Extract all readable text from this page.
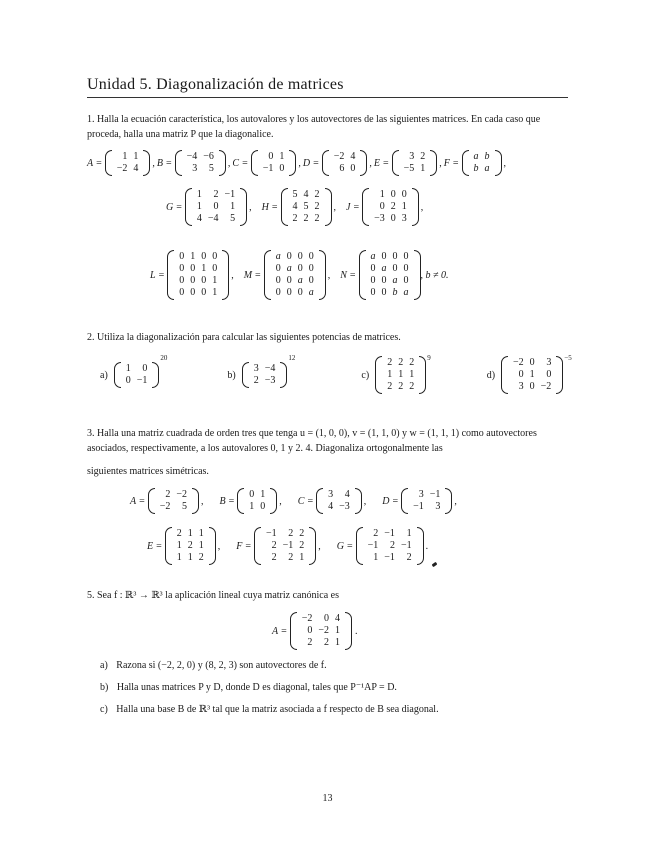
Unidad 5. Diagonalización de matrices
1. Halla la ecuación característica, los autovalores y los autovectores de las siguientes matrices. En cada caso que proceda, halla una matriz P que la diagonalice.
A =
1 1
−2 4	, B =
−4 −6
3	5	, C =
0 1
−1 0	, D =
−2 4
6 0	, E =
3 2
−5 1	, F =
a b
b a	,
G =
1	2 −1
1	0	1
4 −4	5
, H =
5 4 2
4 5 2
2 2 2
, J =
1 0 0
0 2 1
−3 0 3
,
L =
0 1 0 0
0 0 1 0
0 0 0 1
0 0 0 1
, M =
a 0 0 0
0 a 0 0
0 0 a 0
0 0 0 a
, N =
a 0 0 0
0 a 0 0
0 0 a 0
0 0 b a
, b ≠ 0.
2. Utiliza la diagonalización para calcular las siguientes potencias de matrices.
a)
1	0
0 −1
20
b)
3 −4
2 −3
12
c)
2 2 2
1 1 1
2 2 2
9
d)
−2 0	3
0 1	0
3 0 −2
−5
3. Halla una matriz cuadrada de orden tres que tenga u = (1, 0, 0), v = (1, 1, 0) y w = (1, 1, 1) como autovectores asociados, respectivamente, a los autovalores 0, 1 y 2. 4. Diagonaliza ortogonalmente las
siguientes matrices simétricas.
A =
2 −2
−2	5	, B =
0 1
1 0	, C =
3	4
4 −3	, D =
3 −1
−1	3	,
E =
2 1 1
1 2 1
1 1 2
, F =
−1	2 2
2 −1 2
2	2 1
, G =
2 −1	1
−1	2 −1
1 −1	2
.
5. Sea f : ℝ³ → ℝ³ la aplicación lineal cuya matriz canónica es
A =
−2	0 4
0 −2 1
2	2 1
.
a) Razona si (−2, 2, 0) y (8, 2, 3) son autovectores de f.
b) Halla unas matrices P y D, donde D es diagonal, tales que P⁻¹AP = D.
c) Halla una base B de ℝ³ tal que la matriz asociada a f respecto de B sea diagonal.
13
